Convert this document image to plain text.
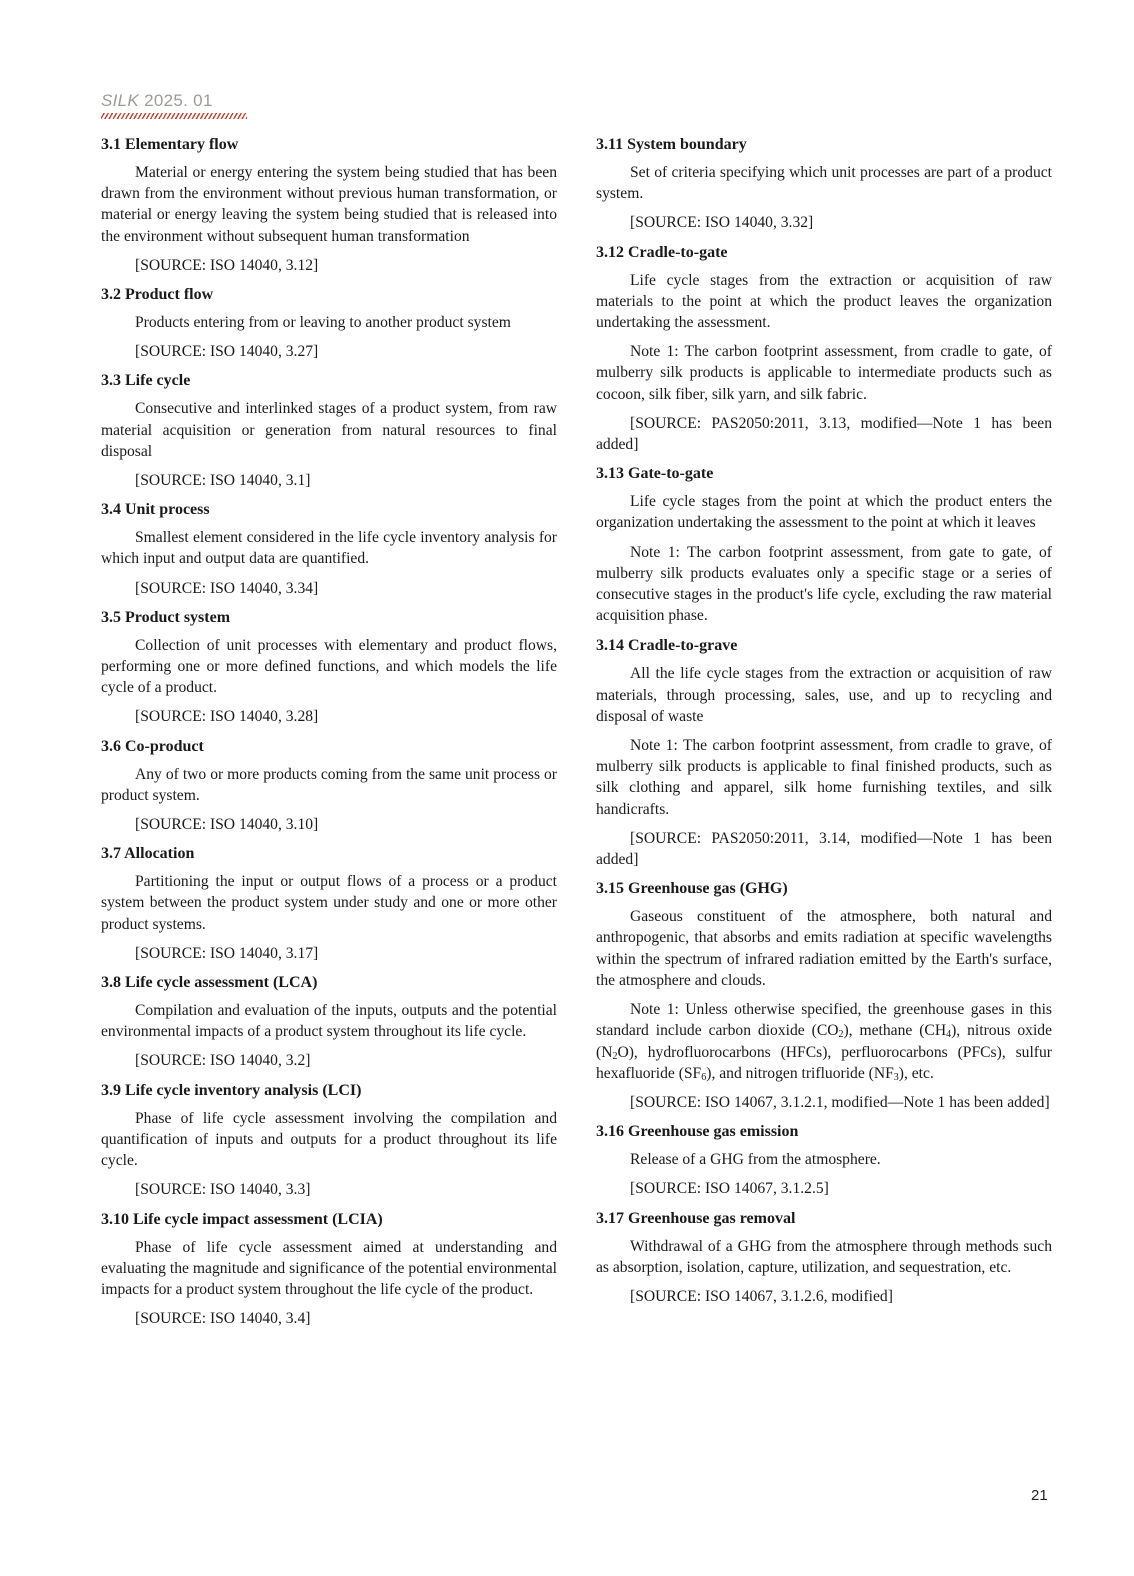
SILK 2025. 01
3.1 Elementary flow

Material or energy entering the system being studied that has been drawn from the environment without previous human transformation, or material or energy leaving the system being studied that is released into the environment without subsequent human transformation

[SOURCE: ISO 14040, 3.12]

3.2 Product flow

Products entering from or leaving to another product system

[SOURCE: ISO 14040, 3.27]

3.3 Life cycle

Consecutive and interlinked stages of a product system, from raw material acquisition or generation from natural resources to final disposal

[SOURCE: ISO 14040, 3.1]

3.4 Unit process

Smallest element considered in the life cycle inventory analysis for which input and output data are quantified.

[SOURCE: ISO 14040, 3.34]

3.5 Product system

Collection of unit processes with elementary and product flows, performing one or more defined functions, and which models the life cycle of a product.

[SOURCE: ISO 14040, 3.28]

3.6 Co-product

Any of two or more products coming from the same unit process or product system.

[SOURCE: ISO 14040, 3.10]

3.7 Allocation

Partitioning the input or output flows of a process or a product system between the product system under study and one or more other product systems.

[SOURCE: ISO 14040, 3.17]

3.8 Life cycle assessment (LCA)

Compilation and evaluation of the inputs, outputs and the potential environmental impacts of a product system throughout its life cycle.

[SOURCE: ISO 14040, 3.2]

3.9 Life cycle inventory analysis (LCI)

Phase of life cycle assessment involving the compilation and quantification of inputs and outputs for a product throughout its life cycle.

[SOURCE: ISO 14040, 3.3]

3.10 Life cycle impact assessment (LCIA)

Phase of life cycle assessment aimed at understanding and evaluating the magnitude and significance of the potential environmental impacts for a product system throughout the life cycle of the product.

[SOURCE: ISO 14040, 3.4]

3.11 System boundary

Set of criteria specifying which unit processes are part of a product system.

[SOURCE: ISO 14040, 3.32]

3.12 Cradle-to-gate

Life cycle stages from the extraction or acquisition of raw materials to the point at which the product leaves the organization undertaking the assessment.

Note 1: The carbon footprint assessment, from cradle to gate, of mulberry silk products is applicable to intermediate products such as cocoon, silk fiber, silk yarn, and silk fabric.

[SOURCE: PAS2050:2011, 3.13, modified—Note 1 has been added]

3.13 Gate-to-gate

Life cycle stages from the point at which the product enters the organization undertaking the assessment to the point at which it leaves

Note 1: The carbon footprint assessment, from gate to gate, of mulberry silk products evaluates only a specific stage or a series of consecutive stages in the product's life cycle, excluding the raw material acquisition phase.

3.14 Cradle-to-grave

All the life cycle stages from the extraction or acquisition of raw materials, through processing, sales, use, and up to recycling and disposal of waste

Note 1: The carbon footprint assessment, from cradle to grave, of mulberry silk products is applicable to final finished products, such as silk clothing and apparel, silk home furnishing textiles, and silk handicrafts.

[SOURCE: PAS2050:2011, 3.14, modified—Note 1 has been added]

3.15 Greenhouse gas (GHG)

Gaseous constituent of the atmosphere, both natural and anthropogenic, that absorbs and emits radiation at specific wavelengths within the spectrum of infrared radiation emitted by the Earth's surface, the atmosphere and clouds.

Note 1: Unless otherwise specified, the greenhouse gases in this standard include carbon dioxide $(CO_2)$, methane $(CH_4)$, nitrous oxide $(N_2O)$, hydrofluorocarbons (HFCs), perfluorocarbons (PFCs), sulfur hexafluoride $(SF_6)$, and nitrogen trifluoride $(NF_3)$, etc.

[SOURCE: ISO 14067, 3.1.2.1, modified—Note 1 has been added]

3.16 Greenhouse gas emission

Release of a GHG from the atmosphere.

[SOURCE: ISO 14067, 3.1.2.5]

3.17 Greenhouse gas removal

Withdrawal of a GHG from the atmosphere through methods such as absorption, isolation, capture, utilization, and sequestration, etc.

[SOURCE: ISO 14067, 3.1.2.6, modified]

21
